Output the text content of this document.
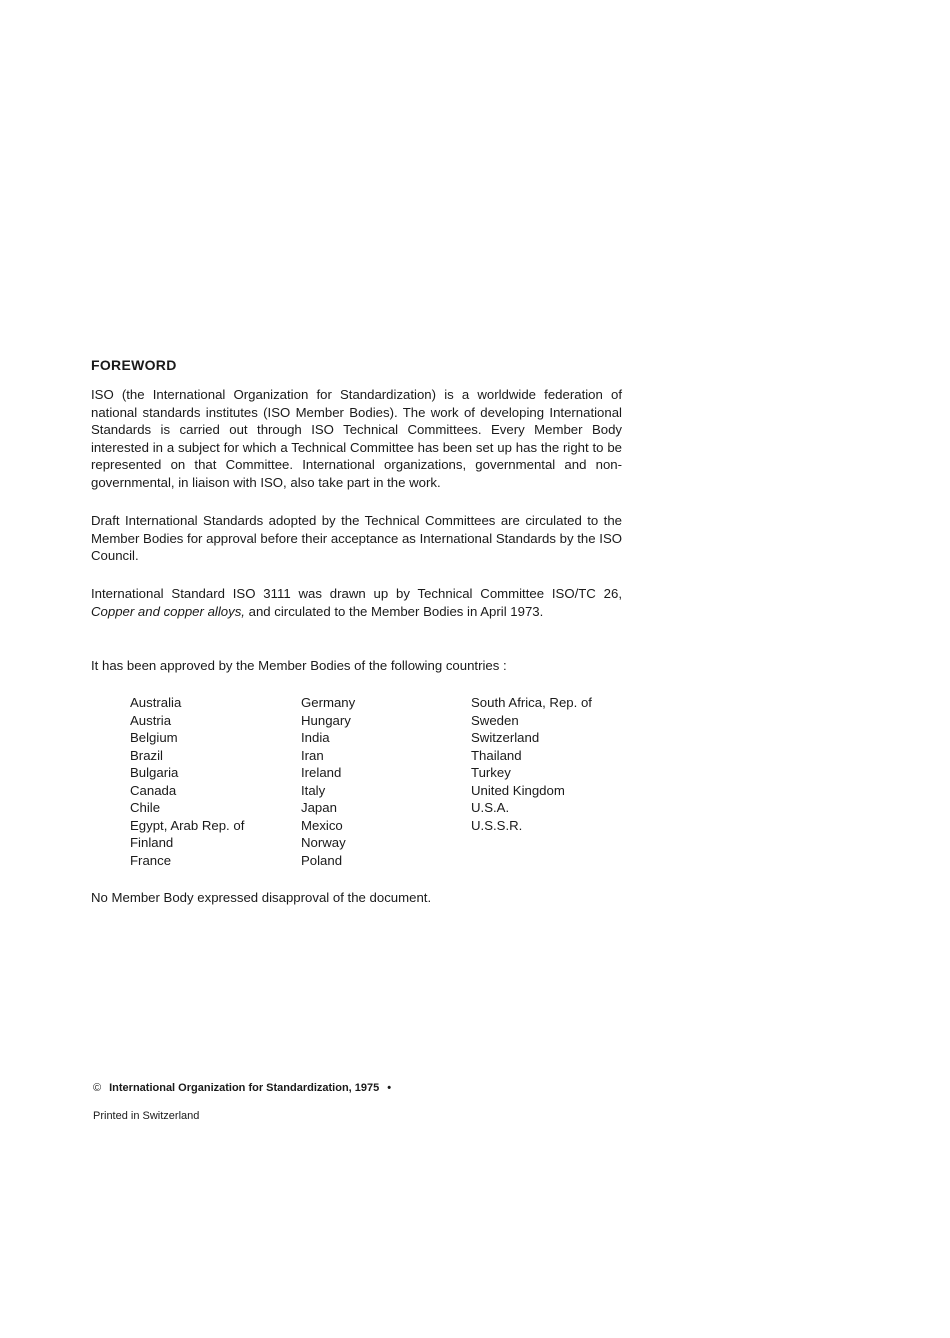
FOREWORD

ISO (the International Organization for Standardization) is a worldwide federation of national standards institutes (ISO Member Bodies). The work of developing International Standards is carried out through ISO Technical Committees. Every Member Body interested in a subject for which a Technical Committee has been set up has the right to be represented on that Committee. International organizations, governmental and non-governmental, in liaison with ISO, also take part in the work.

Draft International Standards adopted by the Technical Committees are circulated to the Member Bodies for approval before their acceptance as International Standards by the ISO Council.

International Standard ISO 3111 was drawn up by Technical Committee ISO/TC 26, Copper and copper alloys, and circulated to the Member Bodies in April 1973.

It has been approved by the Member Bodies of the following countries :

Australia
Austria
Belgium
Brazil
Bulgaria
Canada
Chile
Egypt, Arab Rep. of
Finland
France
Germany
Hungary
India
Iran
Ireland
Italy
Japan
Mexico
Norway
Poland
South Africa, Rep. of
Sweden
Switzerland
Thailand
Turkey
United Kingdom
U.S.A.
U.S.S.R.

No Member Body expressed disapproval of the document.

© International Organization for Standardization, 1975 •
Printed in Switzerland
